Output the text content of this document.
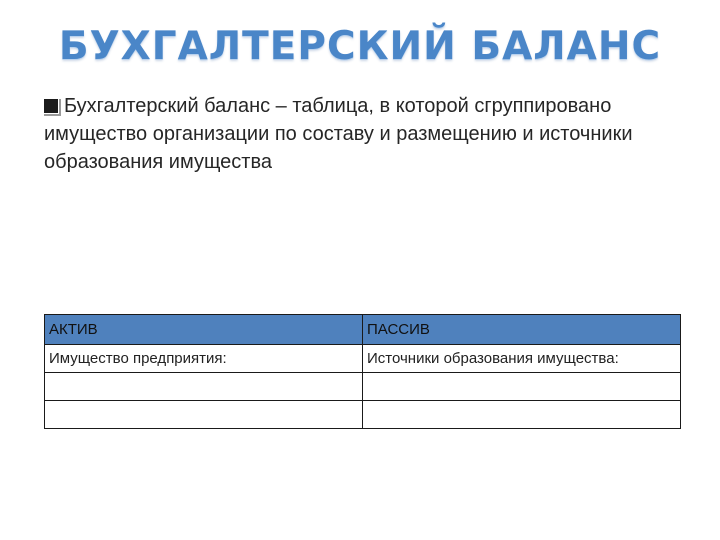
БУХГАЛТЕРСКИЙ БАЛАНС
Бухгалтерский баланс – таблица, в которой сгруппировано имущество организации по составу и размещению и источники образования имущества
АКТИВ	ПАССИВ
Имущество предприятия:	Источники образования имущества:
